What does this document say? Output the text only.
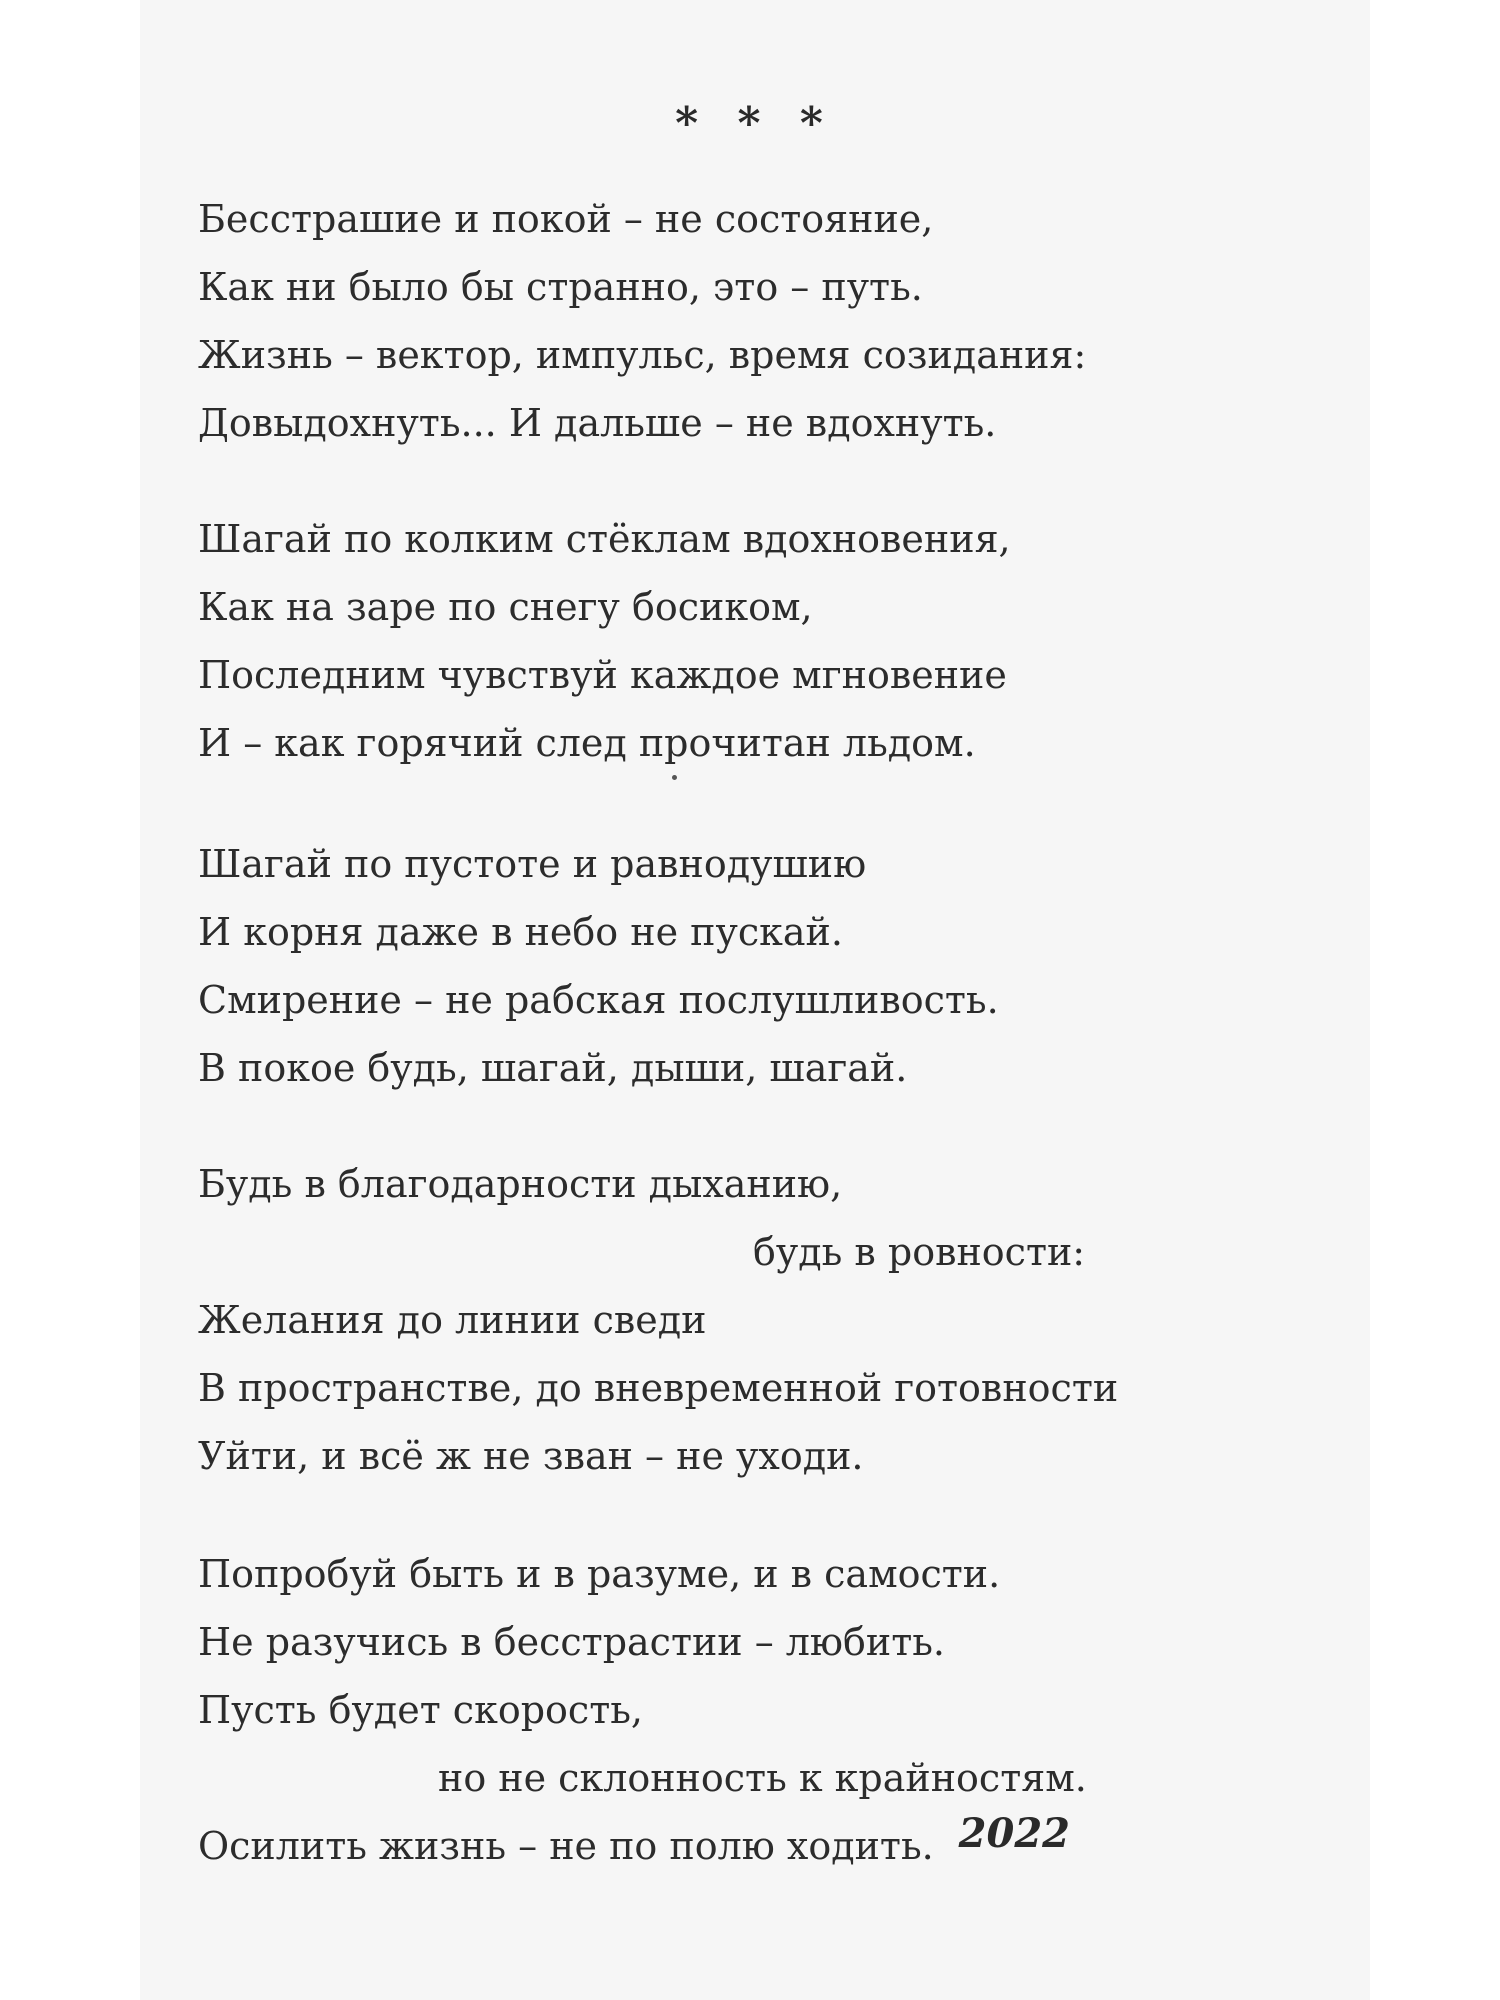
* * *
Бесстрашие и покой – не состояние,
Как ни было бы странно, это – путь.
Жизнь – вектор, импульс, время созидания:
Довыдохнуть... И дальше – не вдохнуть.
Шагай по колким стёклам вдохновения,
Как на заре по снегу босиком,
Последним чувствуй каждое мгновение
И – как горячий след прочитан льдом.
Шагай по пустоте и равнодушию
И корня даже в небо не пускай.
Смирение – не рабская послушливость.
В покое будь, шагай, дыши, шагай.
Будь в благодарности дыханию,
будь в ровности:
Желания до линии сведи
В пространстве, до вневременной готовности
Уйти, и всё ж не зван – не уходи.
Попробуй быть и в разуме, и в самости.
Не разучись в бесстрастии – любить.
Пусть будет скорость,
но не склонность к крайностям.
Осилить жизнь – не по полю ходить. 2022
